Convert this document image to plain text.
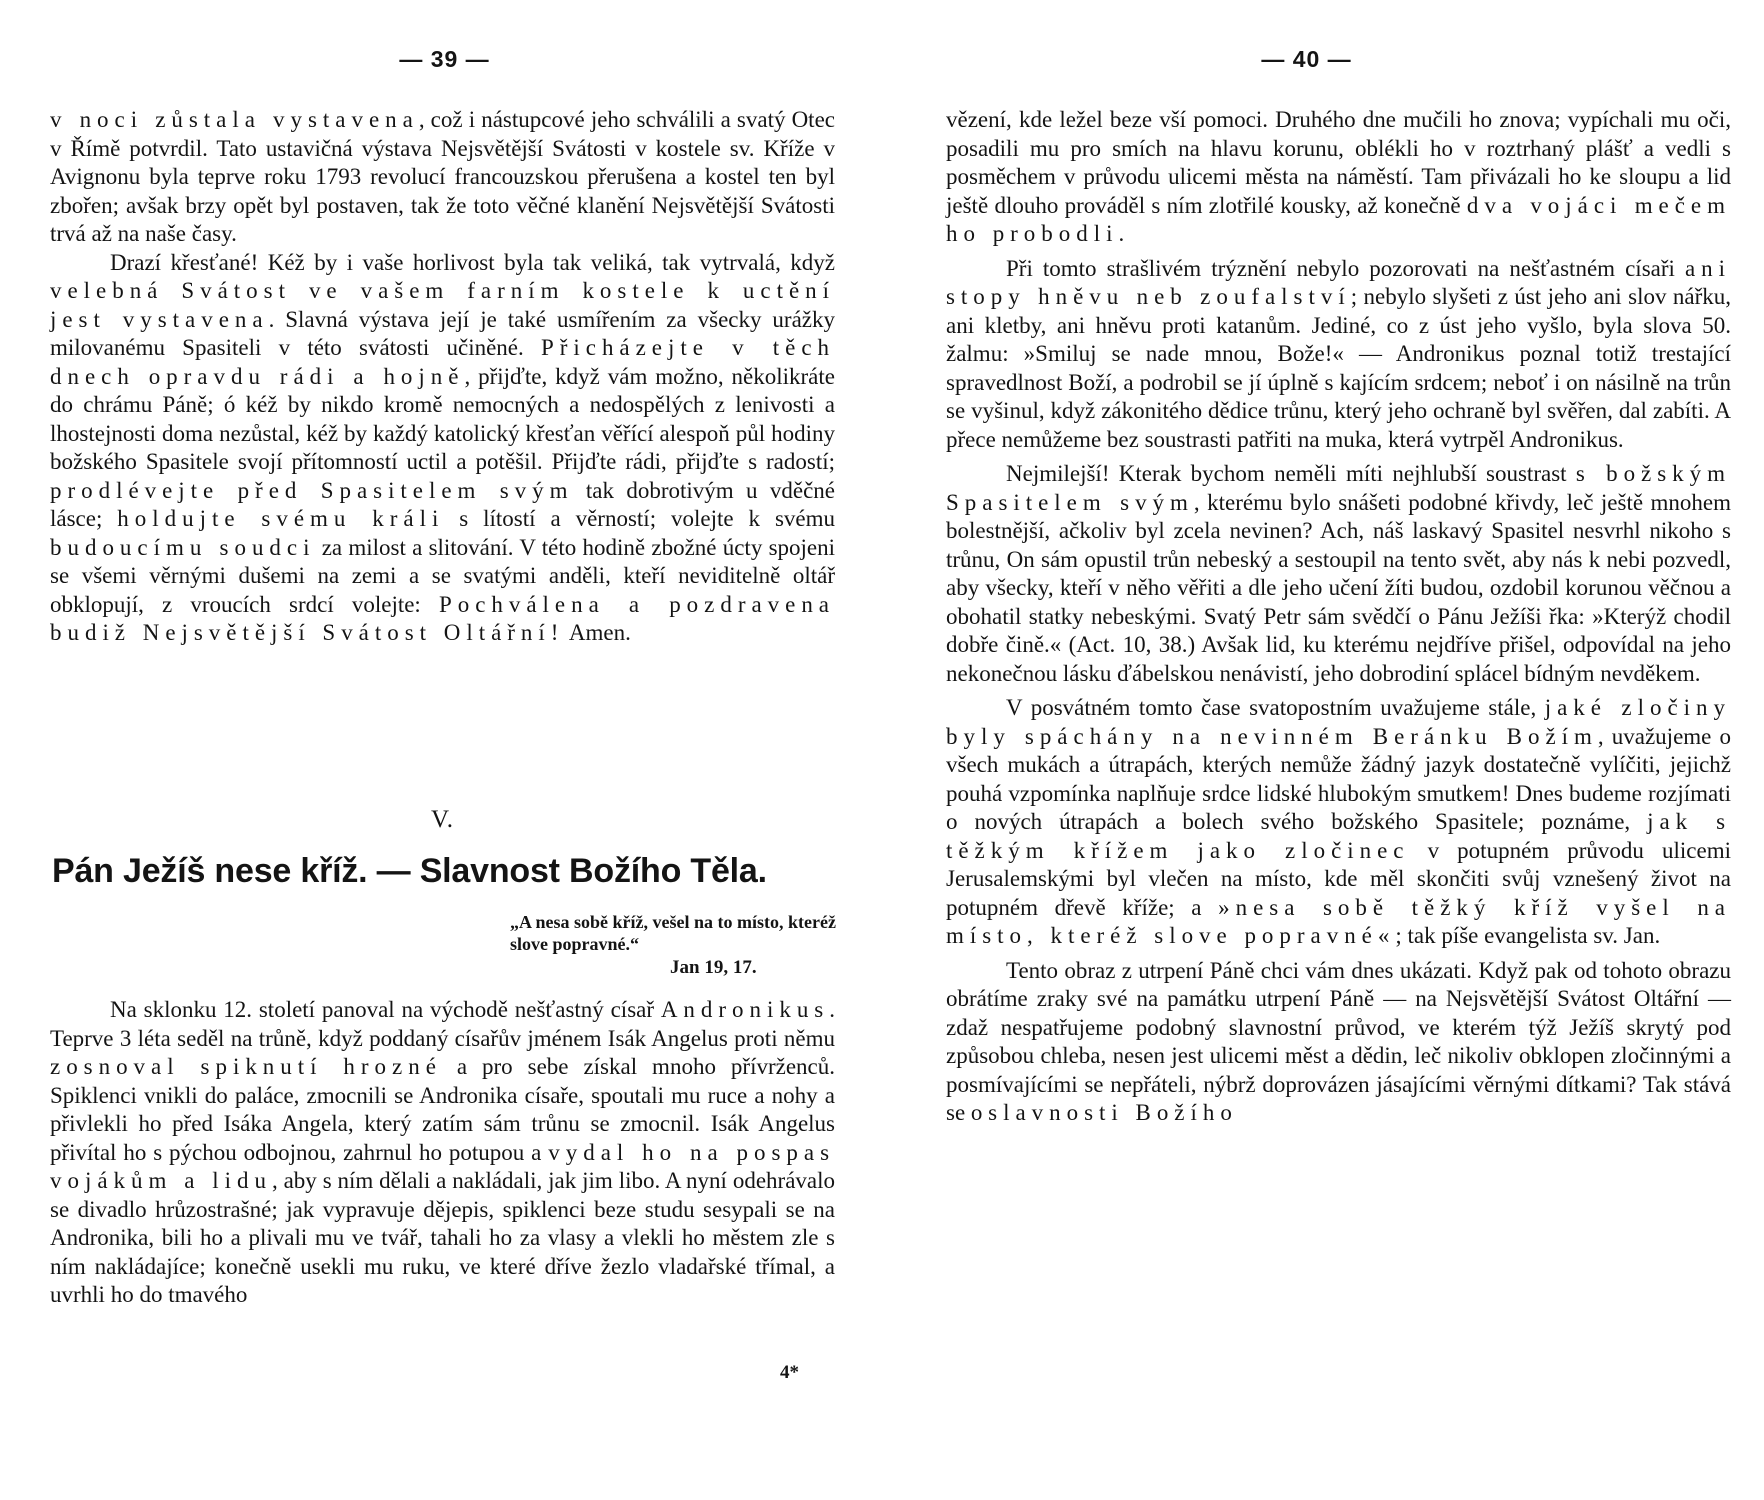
— 39 —

v noci zůstala vystavena, což i nástupcové jeho schválili a svatý Otec v Římě potvrdil. Tato ustavičná výstava Nejsvětější Svátosti v kostele sv. Kříže v Avignonu byla teprve roku 1793 revolucí francouzskou přerušena a kostel ten byl zbořen; avšak brzy opět byl postaven, tak že toto věčné klanění Nejsvětější Svátosti trvá až na naše časy.

Drazí křesťané! Kéž by i vaše horlivost byla tak veliká, tak vytrvalá, když velebná Svátost ve vašem farním kostele k uctění jest vystavena. Slavná výstava její je také usmířením za všecky urážky milovanému Spasiteli v této svátosti učiněné. Přicházejte v těch dnech opravdu rádi a hojně, přijďte, když vám možno, několikráte do chrámu Páně; ó kéž by nikdo kromě nemocných a nedospělých z lenivosti a lhostejnosti doma nezůstal, kéž by každý katolický křesťan věřící alespoň půl hodiny božského Spasitele svojí přítomností uctil a potěšil. Přijďte rádi, přijďte s radostí; prodlévejte před Spasitelem svým tak dobrotivým u vděčné lásce; holdujte svému králi s lítostí a věrností; volejte k svému budoucímu soudci za milost a slitování. V této hodině zbožné úcty spojeni se všemi věrnými dušemi na zemi a se svatými anděli, kteří neviditelně oltář obklopují, z vroucích srdcí volejte: Pochválena a pozdravena budiž Nejsvětější Svátost Oltářní! Amen.

V.
Pán Ježíš nese kříž. — Slavnost Božího Těla.
„A nesa sobě kříž, vešel na to místo, kteréž slove popravné.“
Jan 19, 17.

Na sklonku 12. století panoval na východě nešťastný císař Andronikus. Teprve 3 léta seděl na trůně, když poddaný císařův jménem Isák Angelus proti němu zosnoval spiknutí hrozné a pro sebe získal mnoho přívrženců. Spiklenci vnikli do paláce, zmocnili se Andronika císaře, spoutali mu ruce a nohy a přivlekli ho před Isáka Angela, který zatím sám trůnu se zmocnil. Isák Angelus přivítal ho s pýchou odbojnou, zahrnul ho potupou a vydal ho na pospas vojákům a lidu, aby s ním dělali a nakládali, jak jim libo. A nyní odehrávalo se divadlo hrůzostrašné; jak vypravuje dějepis, spiklenci beze studu sesypali se na Andronika, bili ho a plivali mu ve tvář, tahali ho za vlasy a vlekli ho městem zle s ním nakládajíce; konečně usekli mu ruku, ve které dříve žezlo vladařské třímal, a uvrhli ho do tmavého

4*
— 40 —

vězení, kde ležel beze vší pomoci. Druhého dne mučili ho znova; vypíchali mu oči, posadili mu pro smích na hlavu korunu, oblékli ho v roztrhaný plášť a vedli s posměchem v průvodu ulicemi města na náměstí. Tam přivázali ho ke sloupu a lid ještě dlouho prováděl s ním zlotřilé kousky, až konečně dva vojáci mečem ho probodli.

Při tomto strašlivém trýznění nebylo pozorovati na nešťastném císaři ani stopy hněvu neb zoufalství; nebylo slyšeti z úst jeho ani slov nářku, ani kletby, ani hněvu proti katanům. Jediné, co z úst jeho vyšlo, byla slova 50. žalmu: »Smiluj se nade mnou, Bože!« — Andronikus poznal totiž trestající spravedlnost Boží, a podrobil se jí úplně s kajícím srdcem; neboť i on násilně na trůn se vyšinul, když zákonitého dědice trůnu, který jeho ochraně byl svěřen, dal zabíti. A přece nemůžeme bez soustrasti patřiti na muka, která vytrpěl Andronikus.

Nejmilejší! Kterak bychom neměli míti nejhlubší soustrast s božským Spasitelem svým, kterému bylo snášeti podobné křivdy, leč ještě mnohem bolestnější, ačkoliv byl zcela nevinen? Ach, náš laskavý Spasitel nesvrhl nikoho s trůnu, On sám opustil trůn nebeský a sestoupil na tento svět, aby nás k nebi pozvedl, aby všecky, kteří v něho věřiti a dle jeho učení žíti budou, ozdobil korunou věčnou a obohatil statky nebeskými. Svatý Petr sám svědčí o Pánu Ježíši řka: »Kterýž chodil dobře čině.« (Act. 10, 38.) Avšak lid, ku kterému nejdříve přišel, odpovídal na jeho nekonečnou lásku ďábelskou nenávistí, jeho dobrodiní splácel bídným nevděkem.

V posvátném tomto čase svatopostním uvažujeme stále, jaké zločiny byly spáchány na nevinném Beránku Božím, uvažujeme o všech mukách a útrapách, kterých nemůže žádný jazyk dostatečně vylíčiti, jejichž pouhá vzpomínka naplňuje srdce lidské hlubokým smutkem! Dnes budeme rozjímati o nových útrapách a bolech svého božského Spasitele; poznáme, jak s těžkým křížem jako zločinec v potupném průvodu ulicemi Jerusalemskými byl vlečen na místo, kde měl skončiti svůj vznešený život na potupném dřevě kříže; a »nesa sobě těžký kříž vyšel na místo, kteréž slove popravné«; tak píše evangelista sv. Jan.

Tento obraz z utrpení Páně chci vám dnes ukázati. Když pak od tohoto obrazu obrátíme zraky své na památku utrpení Páně — na Nejsvětější Svátost Oltářní — zdaž nespatřujeme podobný slavnostní průvod, ve kterém týž Ježíš skrytý pod způsobou chleba, nesen jest ulicemi měst a dědin, leč nikoliv obklopen zločinnými a posmívajícími se nepřáteli, nýbrž doprovázen jásajícími věrnými dítkami? Tak stává se o slavnosti Božího
